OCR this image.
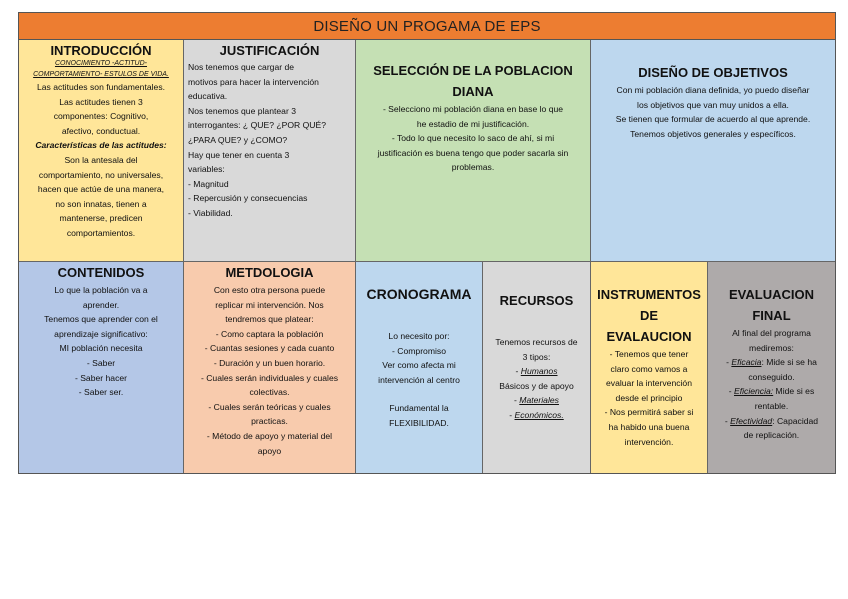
DISEÑO UN PROGAMA DE EPS

INTRODUCCIÓN

CONOCIMIENTO -ACTITUD-

COMPORTAMIENTO- ESTULOS DE VIDA.

Las actitudes son fundamentales.

Las actitudes tienen 3

componentes: Cognitivo,

afectivo, conductual.

Características de las actitudes:

Son la antesala del

comportamiento, no universales,

hacen que actúe de una manera,

no son innatas, tienen a

mantenerse, predicen

comportamientos.

JUSTIFICACIÓN

Nos tenemos que cargar de

motivos para hacer la intervención

educativa.

Nos tenemos que plantear 3

interrogantes: ¿ QUE? ¿POR QUÉ?

¿PARA QUE? y ¿COMO?

Hay que tener en cuenta 3

variables:

- Magnitud

- Repercusión y consecuencias

- Viabilidad.

SELECCIÓN DE LA POBLACION

DIANA

- Selecciono mi población diana en base lo que

he estadio de mi justificación.

- Todo lo que necesito lo saco de ahí, si mi

justificación es buena tengo que poder sacarla sin

problemas.

DISEÑO DE OBJETIVOS

Con mi población diana definida, yo puedo diseñar

los objetivos que van muy unidos a ella.

Se tienen que formular de acuerdo al que aprende.

Tenemos objetivos generales y específicos.

CONTENIDOS

Lo que la población va a

aprender.

Tenemos que aprender con el

aprendizaje significativo:

MI población necesita

- Saber

- Saber hacer

- Saber ser.

METDOLOGIA

Con esto otra persona puede

replicar mi intervención. Nos

tendremos que platear:

- Como captara la población

- Cuantas sesiones y cada cuanto

- Duración y un buen horario.

- Cuales serán individuales y cuales

colectivas.

- Cuales serán teóricas y cuales

practicas.

- Método de apoyo y material del

apoyo

CRONOGRAMA

Lo necesito por:

- Compromiso

Ver como afecta mi

intervención al centro

Fundamental la

FLEXIBILIDAD.

RECURSOS

Tenemos recursos de

3 tipos:

- Humanos

Básicos y de apoyo

- Materiales

- Económicos.

INSTRUMENTOS

DE

EVALAUCION

- Tenemos que tener

claro como vamos a

evaluar la intervención

desde el principio

- Nos permitirá saber si

ha habido una buena

intervención.

EVALUACION

FINAL

Al final del programa

mediremos:

- Eficacia: Mide si se ha

conseguido.

- Eficiencia: Mide si es

rentable.

- Efectividad: Capacidad

de replicación.
